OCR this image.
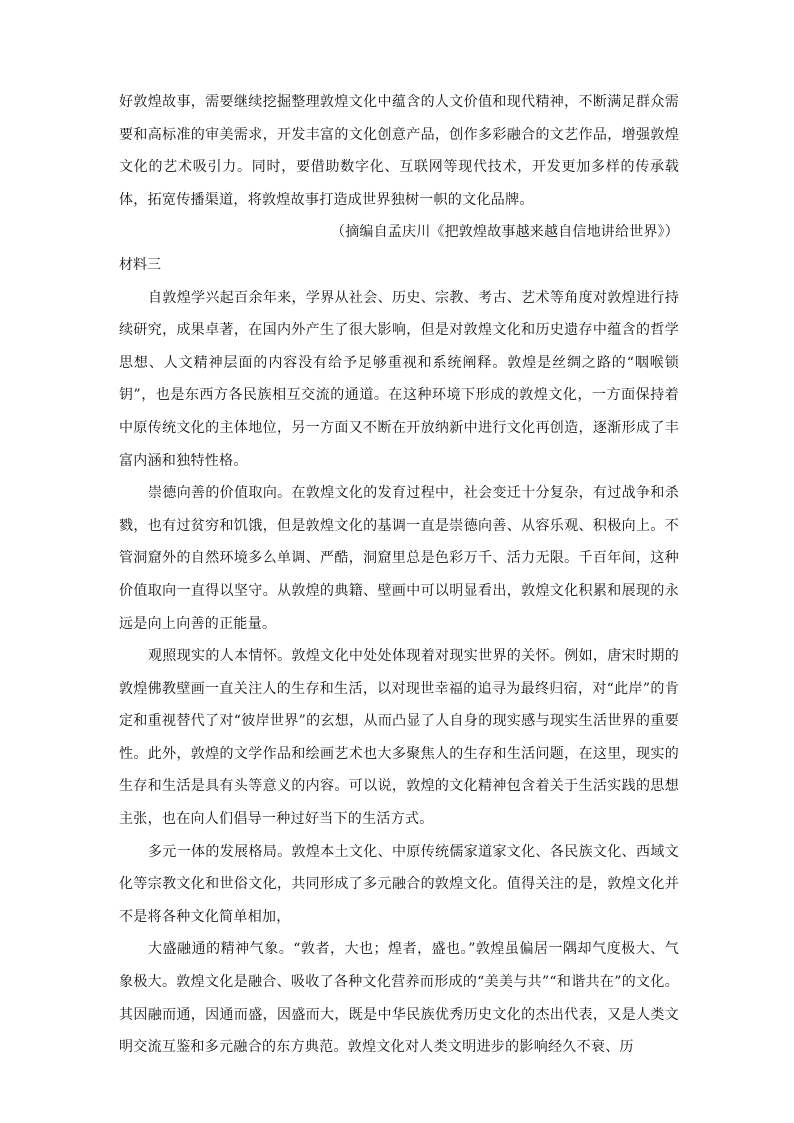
好敦煌故事，需要继续挖掘整理敦煌文化中蕴含的人文价值和现代精神，不断满足群众需要和高标准的审美需求，开发丰富的文化创意产品，创作多彩融合的文艺作品，增强敦煌文化的艺术吸引力。同时，要借助数字化、互联网等现代技术，开发更加多样的传承载体，拓宽传播渠道，将敦煌故事打造成世界独树一帜的文化品牌。

（摘编自孟庆川《把敦煌故事越来越自信地讲给世界》）

材料三

自敦煌学兴起百余年来，学界从社会、历史、宗教、考古、艺术等角度对敦煌进行持续研究，成果卓著，在国内外产生了很大影响，但是对敦煌文化和历史遗存中蕴含的哲学思想、人文精神层面的内容没有给予足够重视和系统阐释。敦煌是丝绸之路的“咽喉锁钥”，也是东西方各民族相互交流的通道。在这种环境下形成的敦煌文化，一方面保持着中原传统文化的主体地位，另一方面又不断在开放纳新中进行文化再创造，逐渐形成了丰富内涵和独特性格。

崇德向善的价值取向。在敦煌文化的发育过程中，社会变迁十分复杂，有过战争和杀戮，也有过贫穷和饥饿，但是敦煌文化的基调一直是崇德向善、从容乐观、积极向上。不管洞窟外的自然环境多么单调、严酷，洞窟里总是色彩万千、活力无限。千百年间，这种价值取向一直得以坚守。从敦煌的典籍、壁画中可以明显看出，敦煌文化积累和展现的永远是向上向善的正能量。

观照现实的人本情怀。敦煌文化中处处体现着对现实世界的关怀。例如，唐宋时期的敦煌佛教壁画一直关注人的生存和生活，以对现世幸福的追寻为最终归宿，对“此岸”的肯定和重视替代了对“彼岸世界”的玄想，从而凸显了人自身的现实感与现实生活世界的重要性。此外，敦煌的文学作品和绘画艺术也大多聚焦人的生存和生活问题，在这里，现实的生存和生活是具有头等意义的内容。可以说，敦煌的文化精神包含着关于生活实践的思想主张，也在向人们倡导一种过好当下的生活方式。

多元一体的发展格局。敦煌本土文化、中原传统儒家道家文化、各民族文化、西域文化等宗教文化和世俗文化，共同形成了多元融合的敦煌文化。值得关注的是，敦煌文化并不是将各种文化简单相加，

大盛融通的精神气象。“敦者，大也；煌者，盛也。”敦煌虽偏居一隅却气度极大、气象极大。敦煌文化是融合、吸收了各种文化营养而形成的“美美与共”“和谐共在”的文化。其因融而通，因通而盛，因盛而大，既是中华民族优秀历史文化的杰出代表，又是人类文明交流互鉴和多元融合的东方典范。敦煌文化对人类文明进步的影响经久不衰、历
